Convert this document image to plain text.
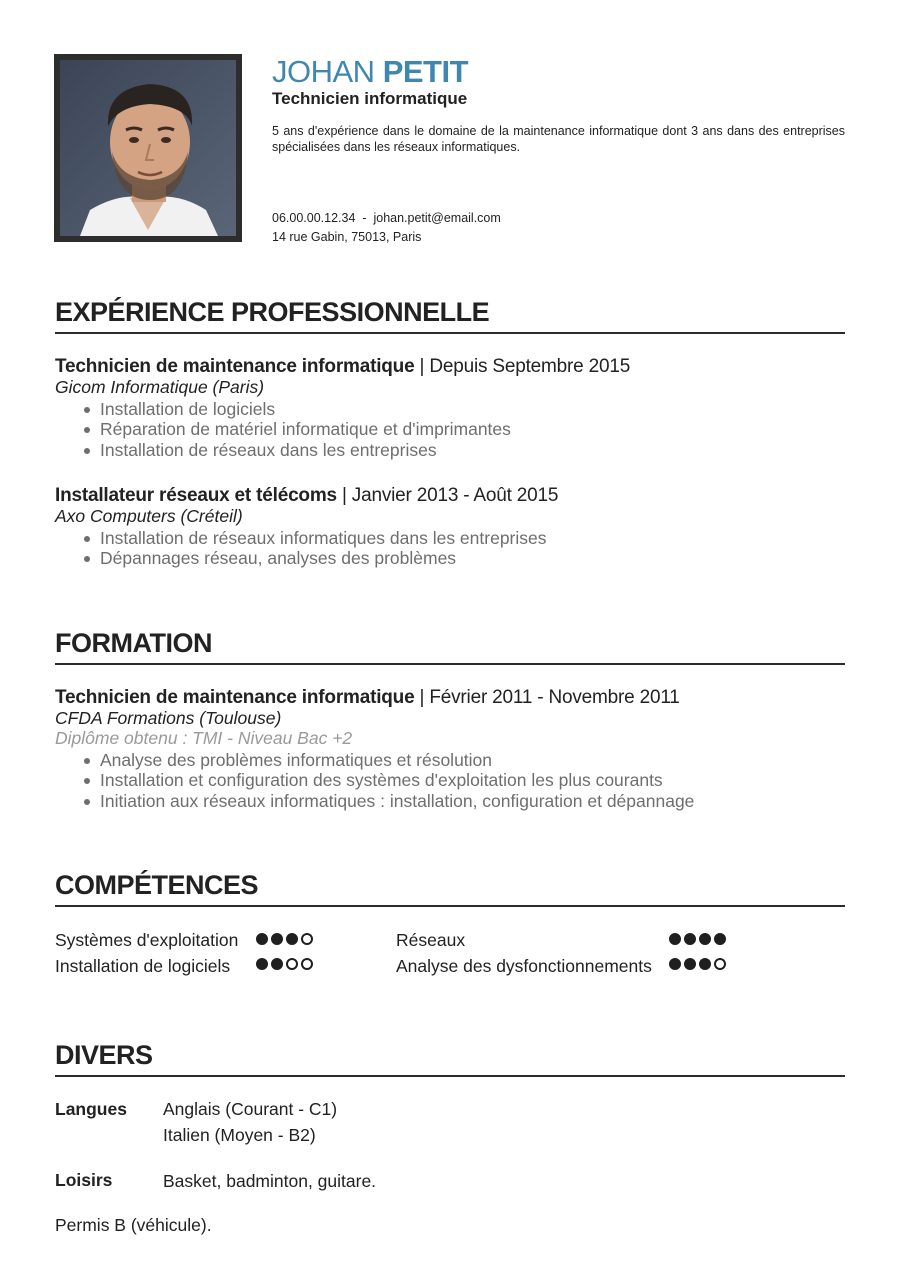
JOHAN PETIT
Technicien informatique

5 ans d'expérience dans le domaine de la maintenance informatique dont 3 ans dans des entreprises spécialisées dans les réseaux informatiques.

06.00.00.12.34  -  johan.petit@email.com
14 rue Gabin, 75013, Paris
EXPÉRIENCE PROFESSIONNELLE
Technicien de maintenance informatique | Depuis Septembre 2015
Gicom Informatique (Paris)
Installation de logiciels
Réparation de matériel informatique et d'imprimantes
Installation de réseaux dans les entreprises
Installateur réseaux et télécoms | Janvier 2013 - Août 2015
Axo Computers (Créteil)
Installation de réseaux informatiques dans les entreprises
Dépannages réseau, analyses des problèmes
FORMATION
Technicien de maintenance informatique | Février 2011 - Novembre 2011
CFDA Formations (Toulouse)
Diplôme obtenu : TMI - Niveau Bac +2
Analyse des problèmes informatiques et résolution
Installation et configuration des systèmes d'exploitation les plus courants
Initiation aux réseaux informatiques : installation, configuration et dépannage
COMPÉTENCES
Systèmes d'exploitation	Réseaux
Installation de logiciels	Analyse des dysfonctionnements
DIVERS
Langues Anglais (Courant - C1)
Italien (Moyen - B2)
Loisirs	Basket, badminton, guitare.
Permis B (véhicule).
